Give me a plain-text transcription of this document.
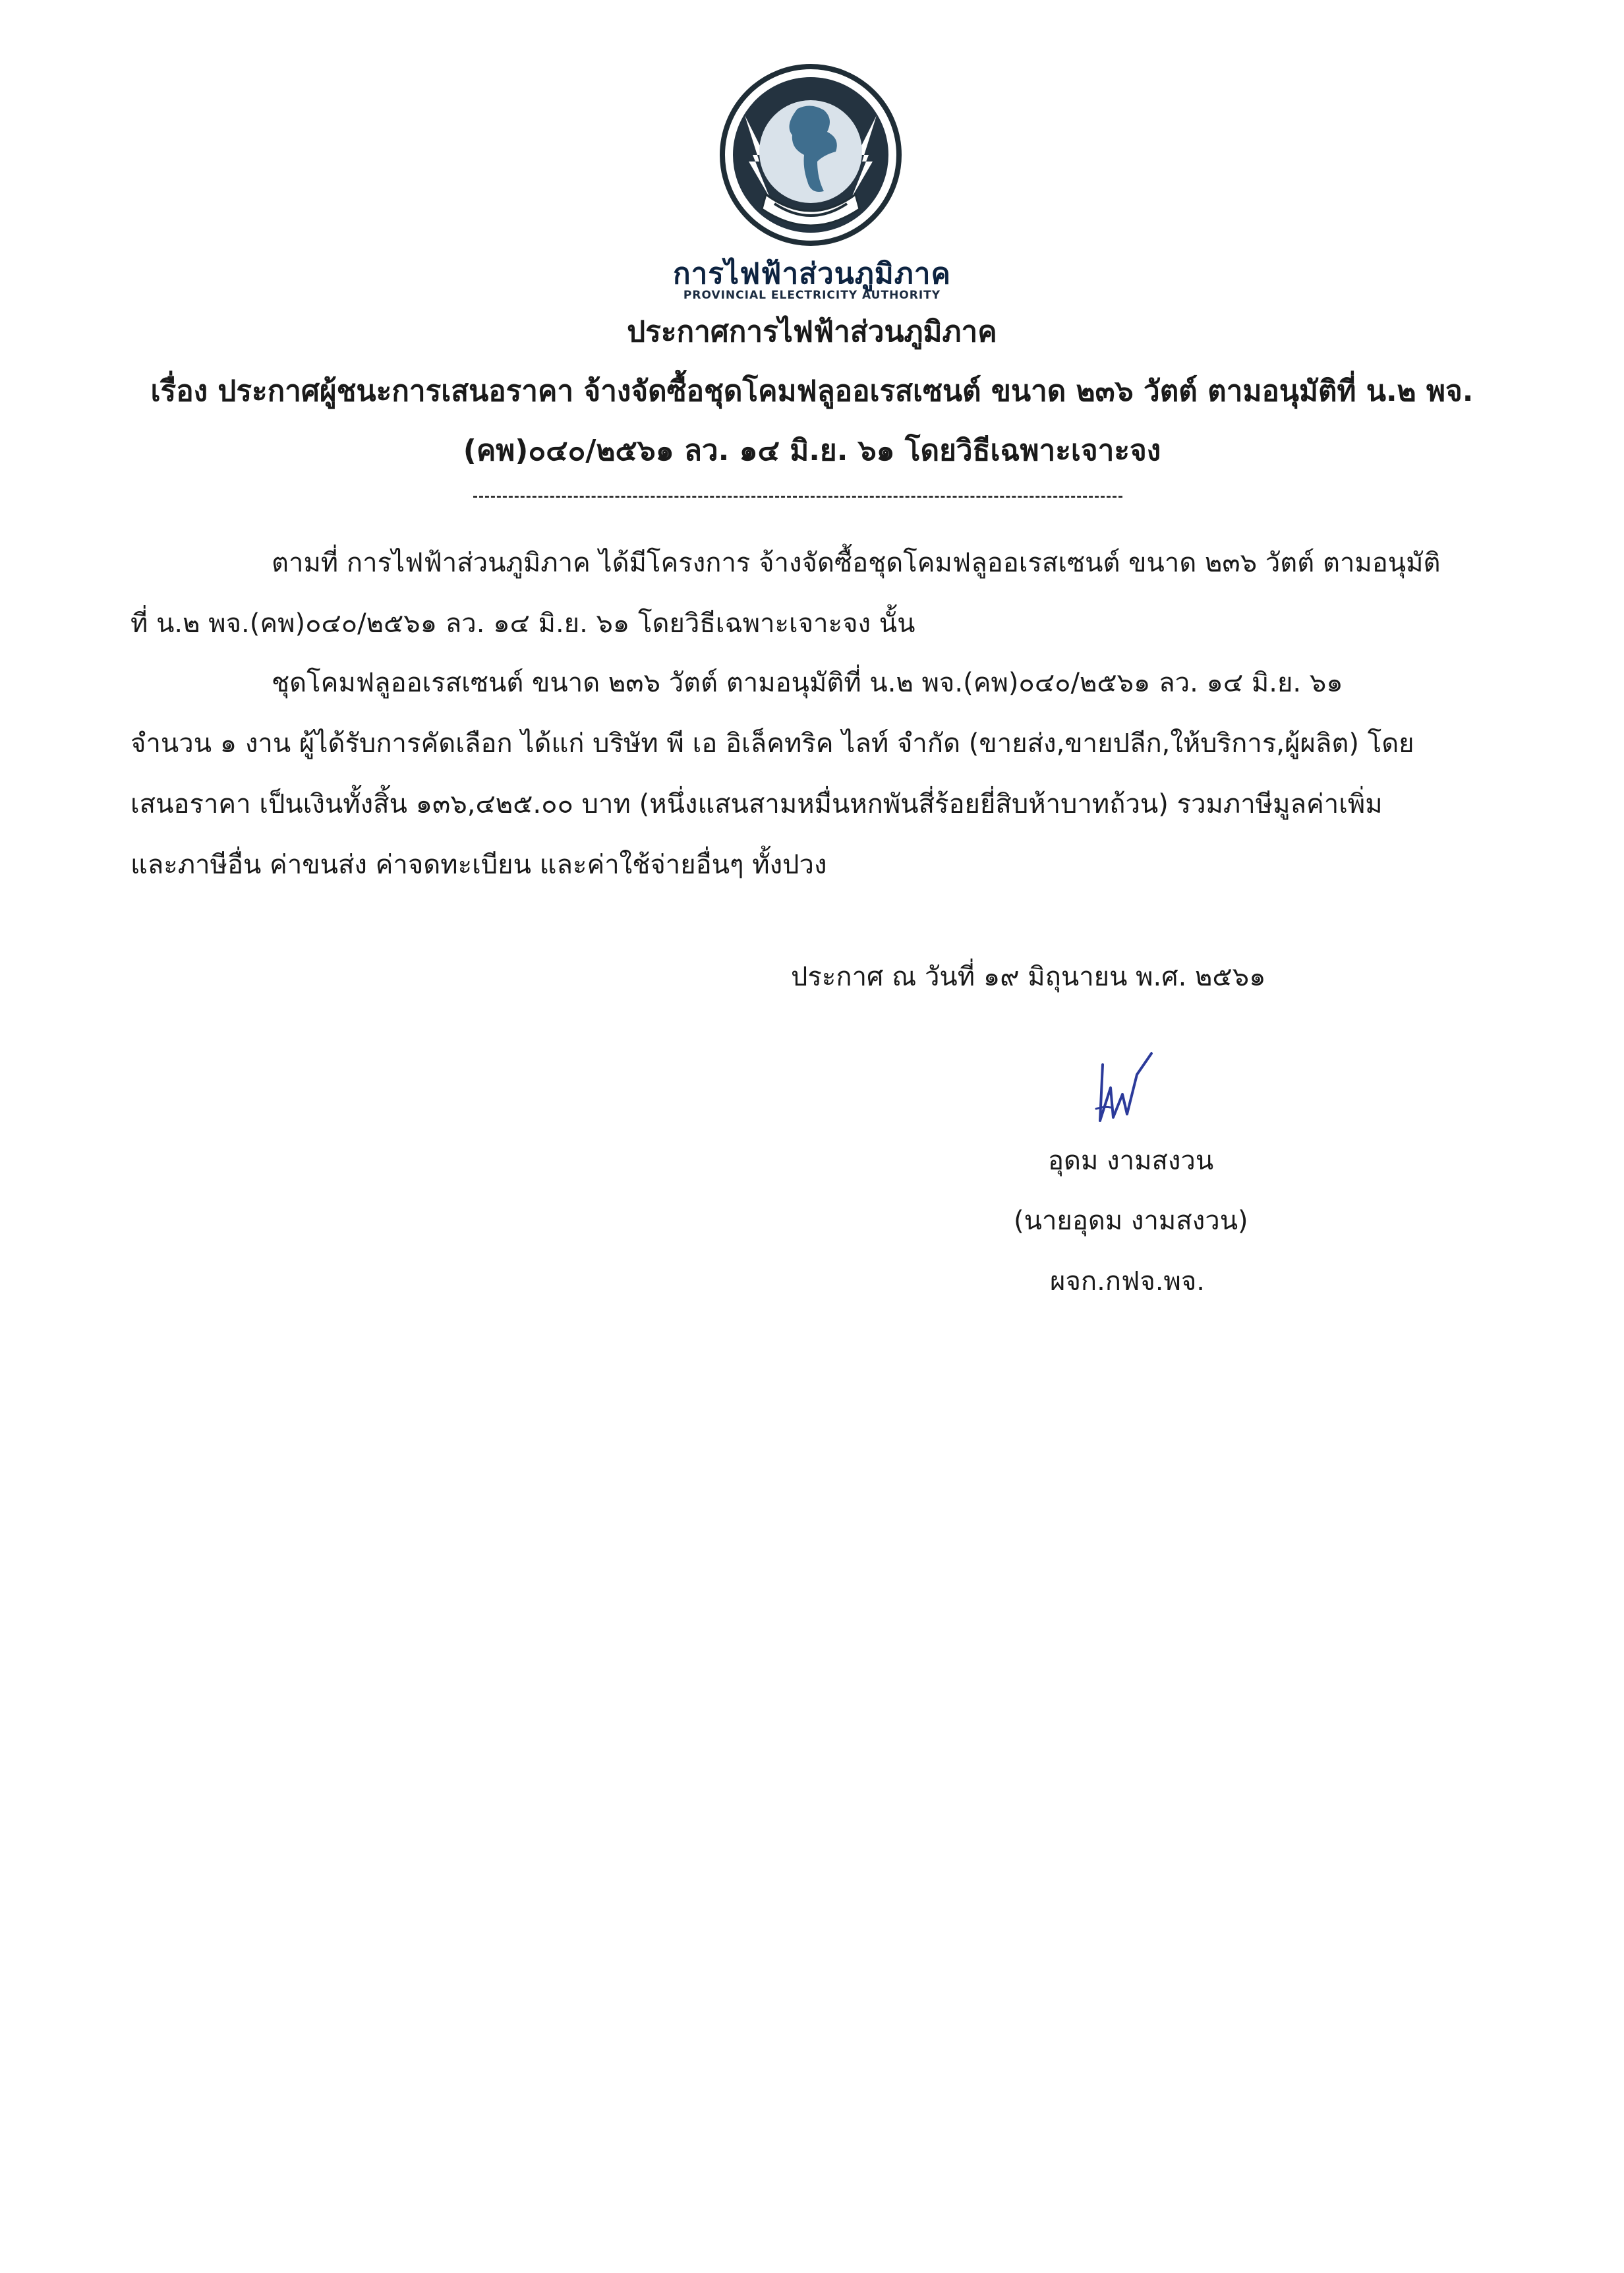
การไฟฟ้าส่วนภูมิภาค
PROVINCIAL ELECTRICITY AUTHORITY
ประกาศการไฟฟ้าส่วนภูมิภาค
เรื่อง ประกาศผู้ชนะการเสนอราคา จ้างจัดซื้อชุดโคมฟลูออเรสเซนต์ ขนาด ๒๓๖ วัตต์ ตามอนุมัติที่ น.๒ พจ.
(คพ)๐๔๐/๒๕๖๑ ลว. ๑๔ มิ.ย. ๖๑ โดยวิธีเฉพาะเจาะจง
ตามที่ การไฟฟ้าส่วนภูมิภาค ได้มีโครงการ จ้างจัดซื้อชุดโคมฟลูออเรสเซนต์ ขนาด ๒๓๖ วัตต์ ตามอนุมัติ
ที่ น.๒ พจ.(คพ)๐๔๐/๒๕๖๑ ลว. ๑๔ มิ.ย. ๖๑ โดยวิธีเฉพาะเจาะจง นั้น
ชุดโคมฟลูออเรสเซนต์ ขนาด ๒๓๖ วัตต์ ตามอนุมัติที่ น.๒ พจ.(คพ)๐๔๐/๒๕๖๑ ลว. ๑๔ มิ.ย. ๖๑
จำนวน ๑ งาน ผู้ได้รับการคัดเลือก ได้แก่ บริษัท พี เอ อิเล็คทริค ไลท์ จำกัด (ขายส่ง,ขายปลีก,ให้บริการ,ผู้ผลิต) โดย
เสนอราคา เป็นเงินทั้งสิ้น ๑๓๖,๔๒๕.๐๐ บาท (หนึ่งแสนสามหมื่นหกพันสี่ร้อยยี่สิบห้าบาทถ้วน) รวมภาษีมูลค่าเพิ่ม
และภาษีอื่น ค่าขนส่ง ค่าจดทะเบียน และค่าใช้จ่ายอื่นๆ ทั้งปวง
ประกาศ ณ วันที่ ๑๙ มิถุนายน พ.ศ. ๒๕๖๑
อุดม งามสงวน
(นายอุดม งามสงวน)
ผจก.กฟจ.พจ.
